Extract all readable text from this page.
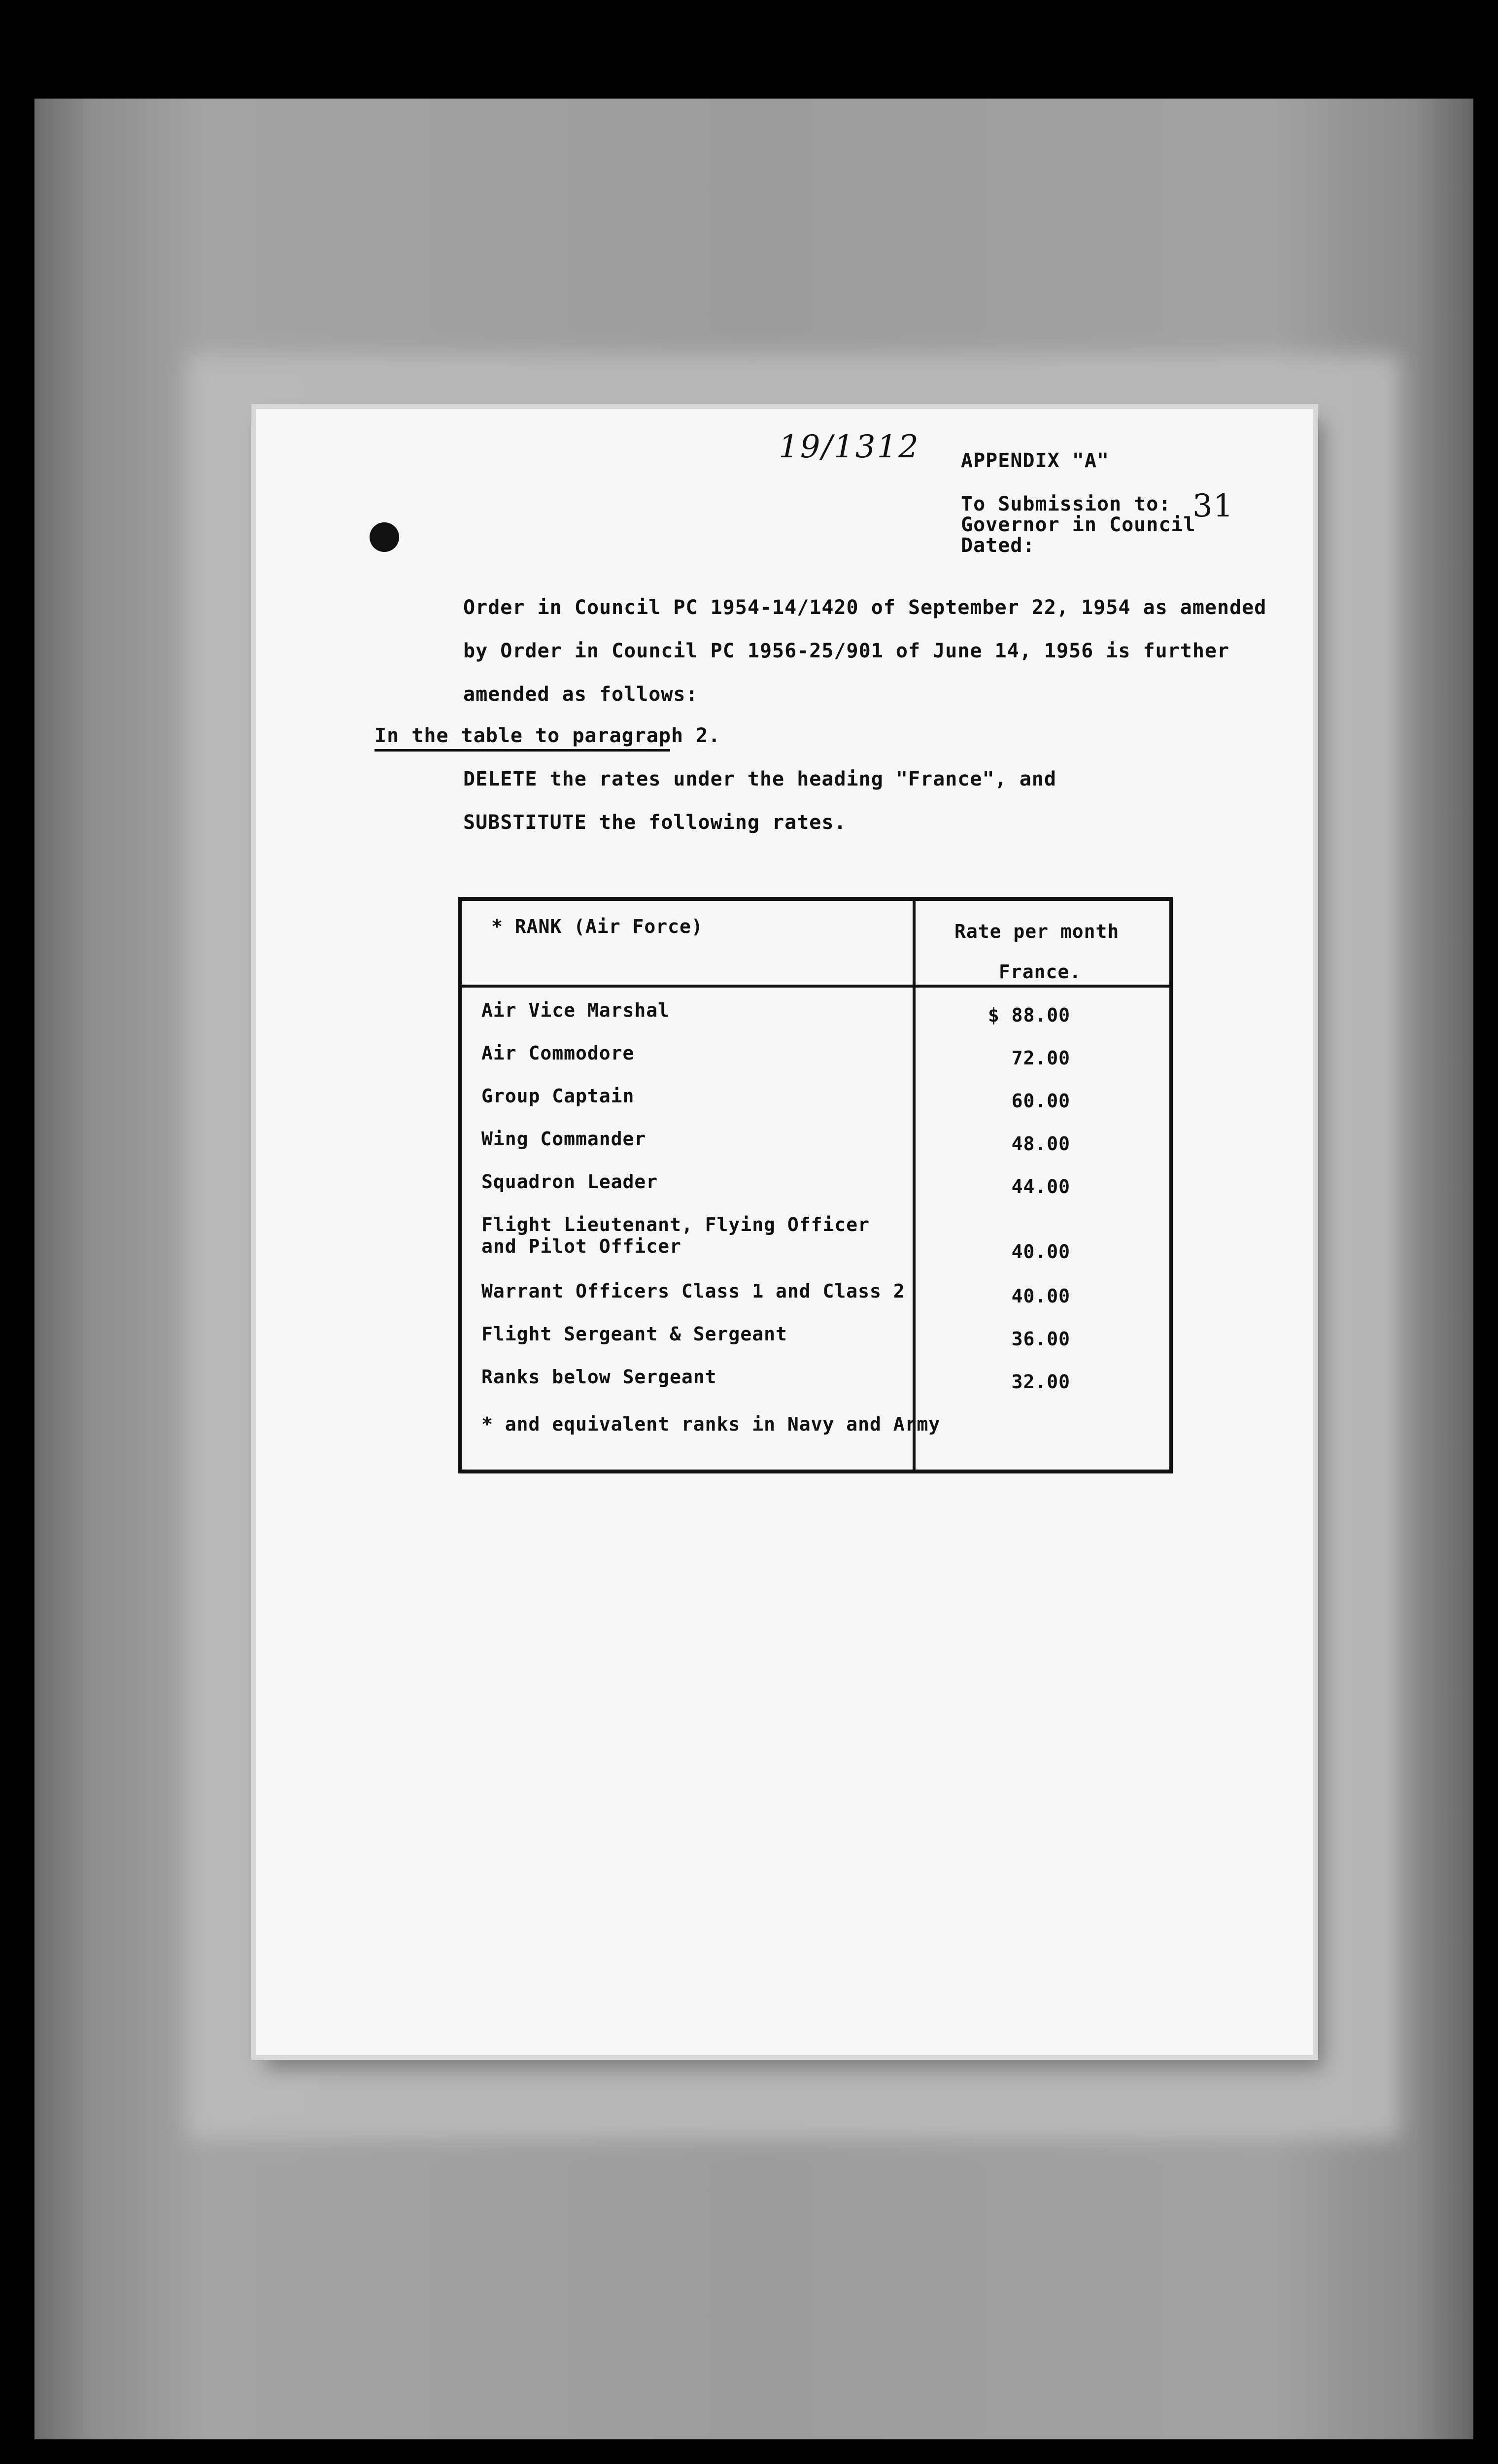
19/1312 APPENDIX "A"
31
To Submission to:
Governor in Council
Dated:
Order in Council PC 1954-14/1420 of September 22, 1954 as amended
by Order in Council PC 1956-25/901 of June 14, 1956 is further
amended as follows:
In the table to paragraph 2.
DELETE the rates under the heading "France", and
SUBSTITUTE the following rates.
* RANK (Air Force)	Rate per month
France.
Air Vice Marshal	$ 88.00
Air Commodore	72.00
Group Captain	60.00
Wing Commander	48.00
Squadron Leader	44.00
Flight Lieutenant, Flying Officer
and Pilot Officer	40.00
Warrant Officers Class 1 and Class 2	40.00
Flight Sergeant & Sergeant	36.00
Ranks below Sergeant	32.00
* and equivalent ranks in Navy and Army
